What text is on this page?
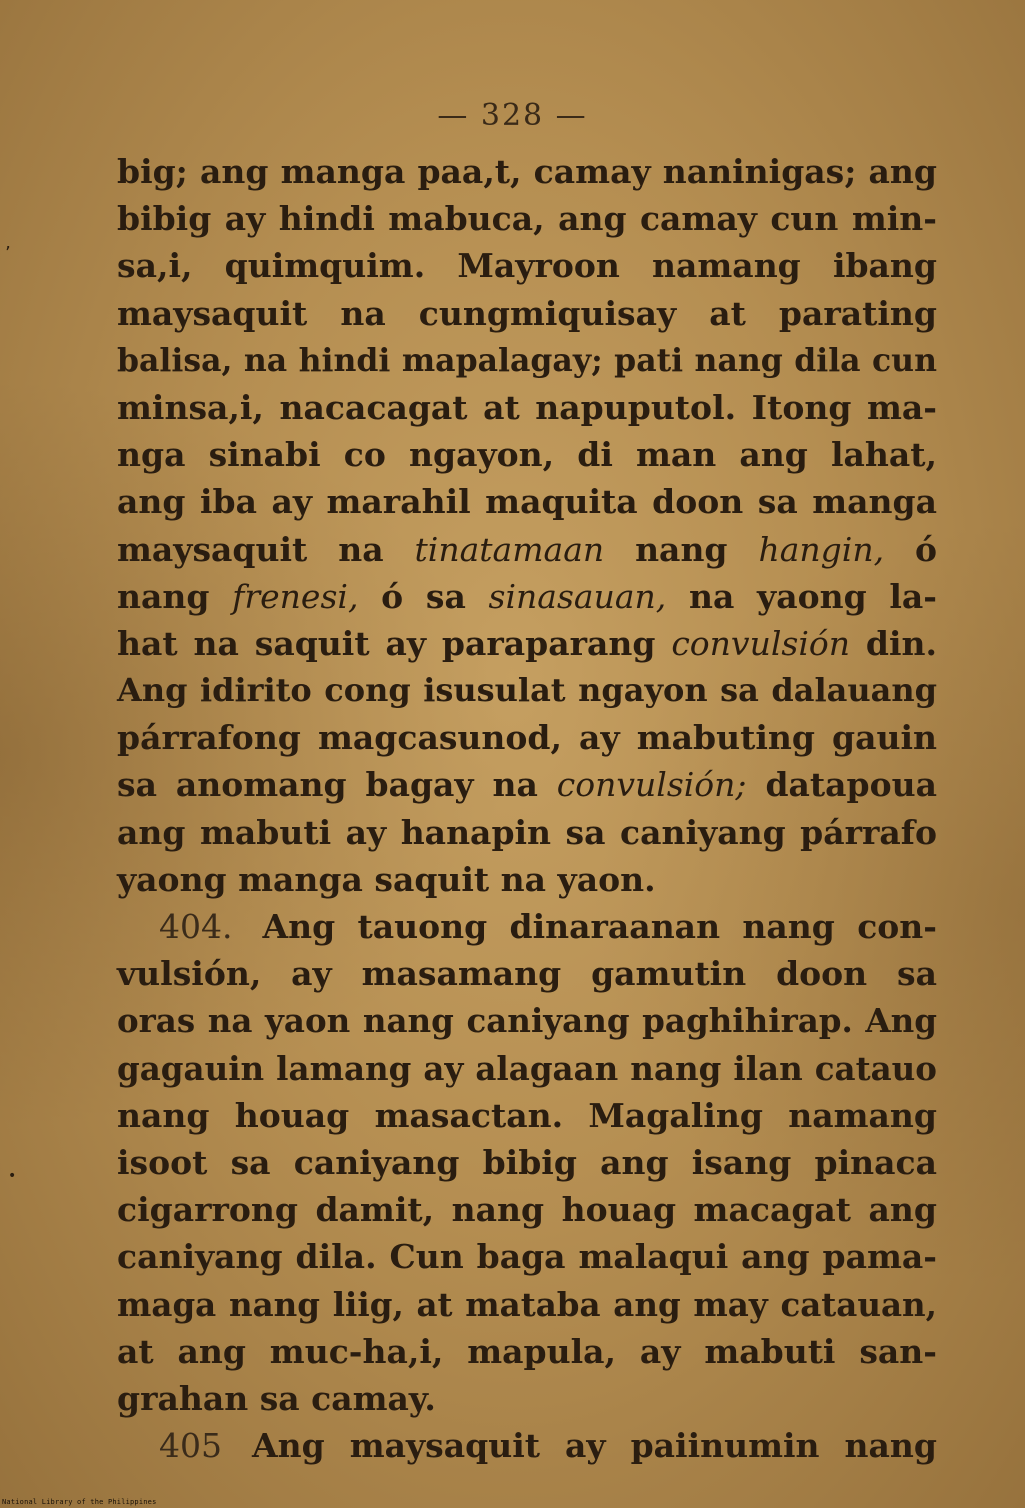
— 328 —
big; ang manga paa,t, camay naninigas; ang
bibig ay hindi mabuca, ang camay cun min-
sa,i, quimquim. Mayroon namang ibang
maysaquit na cungmiquisay at parating
balisa, na hindi mapalagay; pati nang dila cun
minsa,i, nacacagat at napuputol. Itong ma-
nga sinabi co ngayon, di man ang lahat,
ang iba ay marahil maquita doon sa manga
maysaquit na tinatamaan nang hangin, ó
nang frenesi, ó sa sinasauan, na yaong la-
hat na saquit ay paraparang convulsión din.
Ang idirito cong isusulat ngayon sa dalauang
párrafong magcasunod, ay mabuting gauin
sa anomang bagay na convulsión; datapoua
ang mabuti ay hanapin sa caniyang párrafo
yaong manga saquit na yaon.
404. Ang tauong dinaraanan nang con-
vulsión, ay masamang gamutin doon sa
oras na yaon nang caniyang paghihirap. Ang
gagauin lamang ay alagaan nang ilan catauo
nang houag masactan. Magaling namang
isoot sa caniyang bibig ang isang pinaca
cigarrong damit, nang houag macagat ang
caniyang dila. Cun baga malaqui ang pama-
maga nang liig, at mataba ang may catauan,
at ang muc-ha,i, mapula, ay mabuti san-
grahan sa camay.
405 Ang maysaquit ay paiinumin nang
’
•
National Library of the Philippines
